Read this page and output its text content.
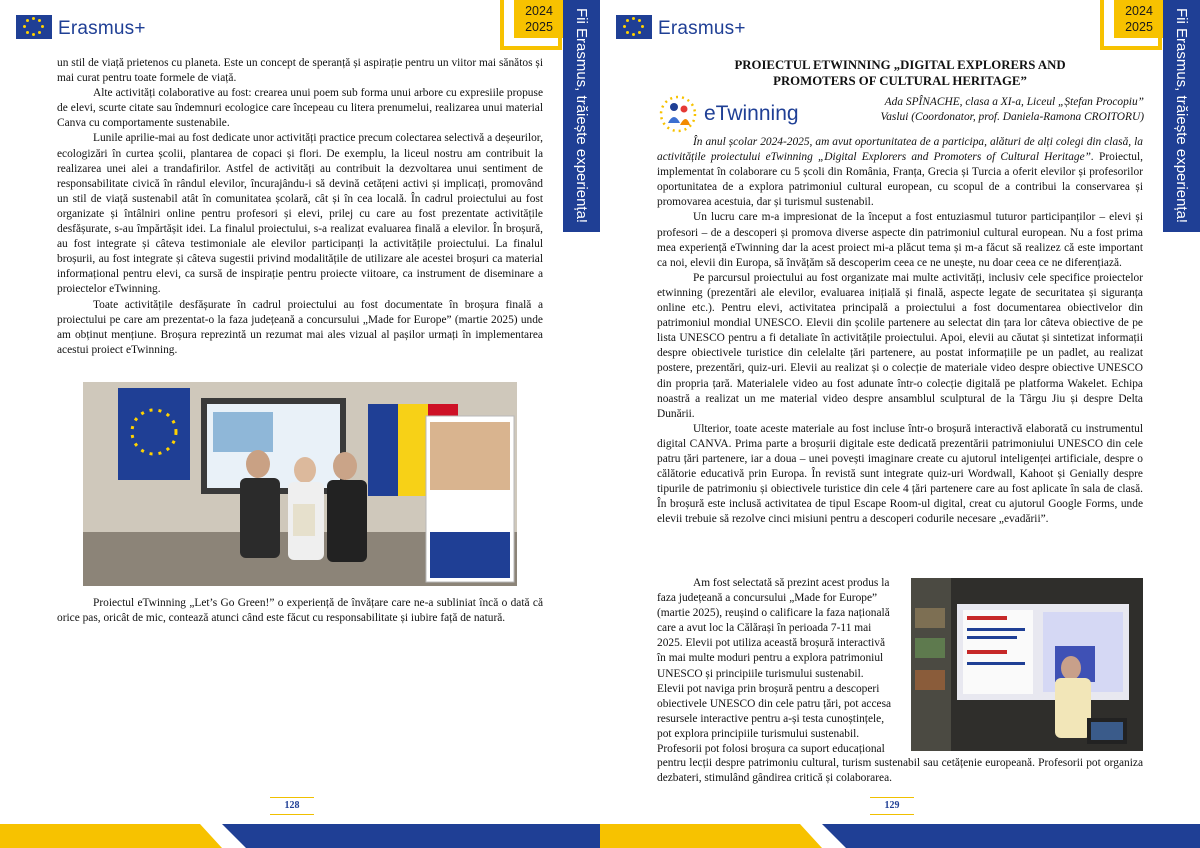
Erasmus+
2024
2025	Fii Erasmus, trăiește experiența!

un stil de viață prietenos cu planeta. Este un concept de speranță și aspirație pentru un viitor mai sănătos și mai curat pentru toate formele de viață.

Alte activități colaborative au fost: crearea unui poem sub forma unui arbore cu expresiile propuse de elevi, scurte citate sau îndemnuri ecologice care începeau cu litera prenumelui, realizarea unui material Canva cu comportamente sustenabile.

Lunile aprilie-mai au fost dedicate unor activități practice precum colectarea selectivă a deșeurilor, ecologizări în curtea școlii, plantarea de copaci și flori. De exemplu, la liceul nostru am contribuit la realizarea unei alei a trandafirilor. Astfel de activități au contribuit la dezvoltarea unui sentiment de responsabilitate civică în rândul elevilor, încurajându-i să devină cetățeni activi și implicați, promovând un stil de viață sustenabil atât în comunitatea școlară, cât și în cea locală. În cadrul proiectului au fost organizate și întâlniri online pentru profesori și elevi, prilej cu care au fost prezentate activitățile desfășurate, s-au împărtășit idei. La finalul proiectului, s-a realizat evaluarea finală a elevilor. În broșură, au fost integrate și câteva testimoniale ale elevilor participanți la activitățile proiectului. La finalul broșurii, au fost integrate și câteva sugestii privind modalitățile de utilizare ale acestei broșuri ca material informațional pentru elevi, ca sursă de inspirație pentru proiecte viitoare, ca instrument de diseminare a proiectelor eTwinning.

Toate activitățile desfășurate în cadrul proiectului au fost documentate în broșura finală a proiectului pe care am prezentat-o la faza județeană a concursului „Made for Europe” (martie 2025) unde am obținut mențiune. Broșura reprezintă un rezumat mai ales vizual al pașilor urmați în implementarea acestui proiect eTwinning.

Proiectul eTwinning „Let’s Go Green!” o experiență de învățare care ne-a subliniat încă o dată că orice pas, oricât de mic, contează atunci când este făcut cu responsabilitate și iubire față de natură.

128
Erasmus+
2024
2025	Fii Erasmus, trăiește experiența!
PROIECTUL ETWINNING „DIGITAL EXPLORERS AND
PROMOTERS OF CULTURAL HERITAGE”
eTwinning	Ada SPÎNACHE, clasa a XI-a, Liceul „Ștefan Procopiu”
Vaslui (Coordonator, prof. Daniela-Ramona CROITORU)

În anul școlar 2024-2025, am avut oportunitatea de a participa, alături de alți colegi din clasă, la activitățile proiectului eTwinning „Digital Explorers and Promoters of Cultural Heritage”. Proiectul, implementat în colaborare cu 5 școli din România, Franța, Grecia și Turcia a oferit elevilor și profesorilor oportunitatea de a explora patrimoniul cultural european, cu scopul de a contribui la conservarea și promovarea acestuia, dar și turismul sustenabil.

Un lucru care m-a impresionat de la început a fost entuziasmul tuturor participanților – elevi și profesori – de a descoperi și promova diverse aspecte din patrimoniul cultural european. Nu a fost prima mea experiență eTwinning dar la acest proiect mi-a plăcut tema și m-a făcut să realizez că este important ca noi, elevii din Europa, să învățăm să descoperim ceea ce ne unește, nu doar ceea ce ne diferențiază.

Pe parcursul proiectului au fost organizate mai multe activități, inclusiv cele specifice proiectelor etwinning (prezentări ale elevilor, evaluarea inițială și finală, aspecte legate de securitatea și siguranța online etc.). Pentru elevi, activitatea principală a proiectului a fost documentarea obiectivelor din patrimoniul mondial UNESCO. Elevii din școlile partenere au selectat din țara lor câteva obiective de pe lista UNESCO pentru a fi detaliate în activitățile proiectului. Apoi, elevii au căutat și sintetizat informații despre obiectivele turistice din celelalte țări partenere, au postat informațiile pe un padlet, au realizat postere, prezentări, quiz-uri. Elevii au realizat și o colecție de materiale video despre obiective UNESCO din propria țară. Materialele video au fost adunate într-o colecție digitală pe platforma Wakelet. Echipa noastră a realizat un me material video despre ansamblul sculptural de la Târgu Jiu și despre Delta Dunării.

Ulterior, toate aceste materiale au fost incluse într-o broșură interactivă elaborată cu instrumentul digital CANVA. Prima parte a broșurii digitale este dedicată prezentării patrimoniului UNESCO din cele patru țări partenere, iar a doua – unei povești imaginare create cu ajutorul inteligenței artificiale, despre o călătorie educativă prin Europa. În revistă sunt integrate quiz-uri Wordwall, Kahoot și Genially despre tipurile de patrimoniu și obiectivele turistice din cele 4 țări partenere care au fost aplicate în sala de clasă. În broșură este inclusă activitatea de tipul Escape Room-ul digital, creat cu ajutorul Google Forms, unde elevii trebuie să rezolve cinci misiuni pentru a descoperi codurile necesare „evadării”.

Am fost selectată să prezint acest produs la

faza județeană a concursului „Made for Europe”

(martie 2025), reușind o calificare la faza națională

care a avut loc la Călărași în perioada 7-11 mai

2025. Elevii pot utiliza această broșură interactivă

în mai multe moduri pentru a explora patrimoniul

UNESCO și principiile turismului sustenabil.

Elevii pot naviga prin broșură pentru a descoperi

obiectivele UNESCO din cele patru țări, pot accesa

resursele interactive pentru a-și testa cunoștințele,

pot explora principiile turismului sustenabil.

Profesorii pot folosi broșura ca suport educațional

pentru lecții despre patrimoniu cultural, turism sustenabil sau cetățenie europeană. Profesorii pot organiza dezbateri, stimulând gândirea critică și colaborarea.

129
